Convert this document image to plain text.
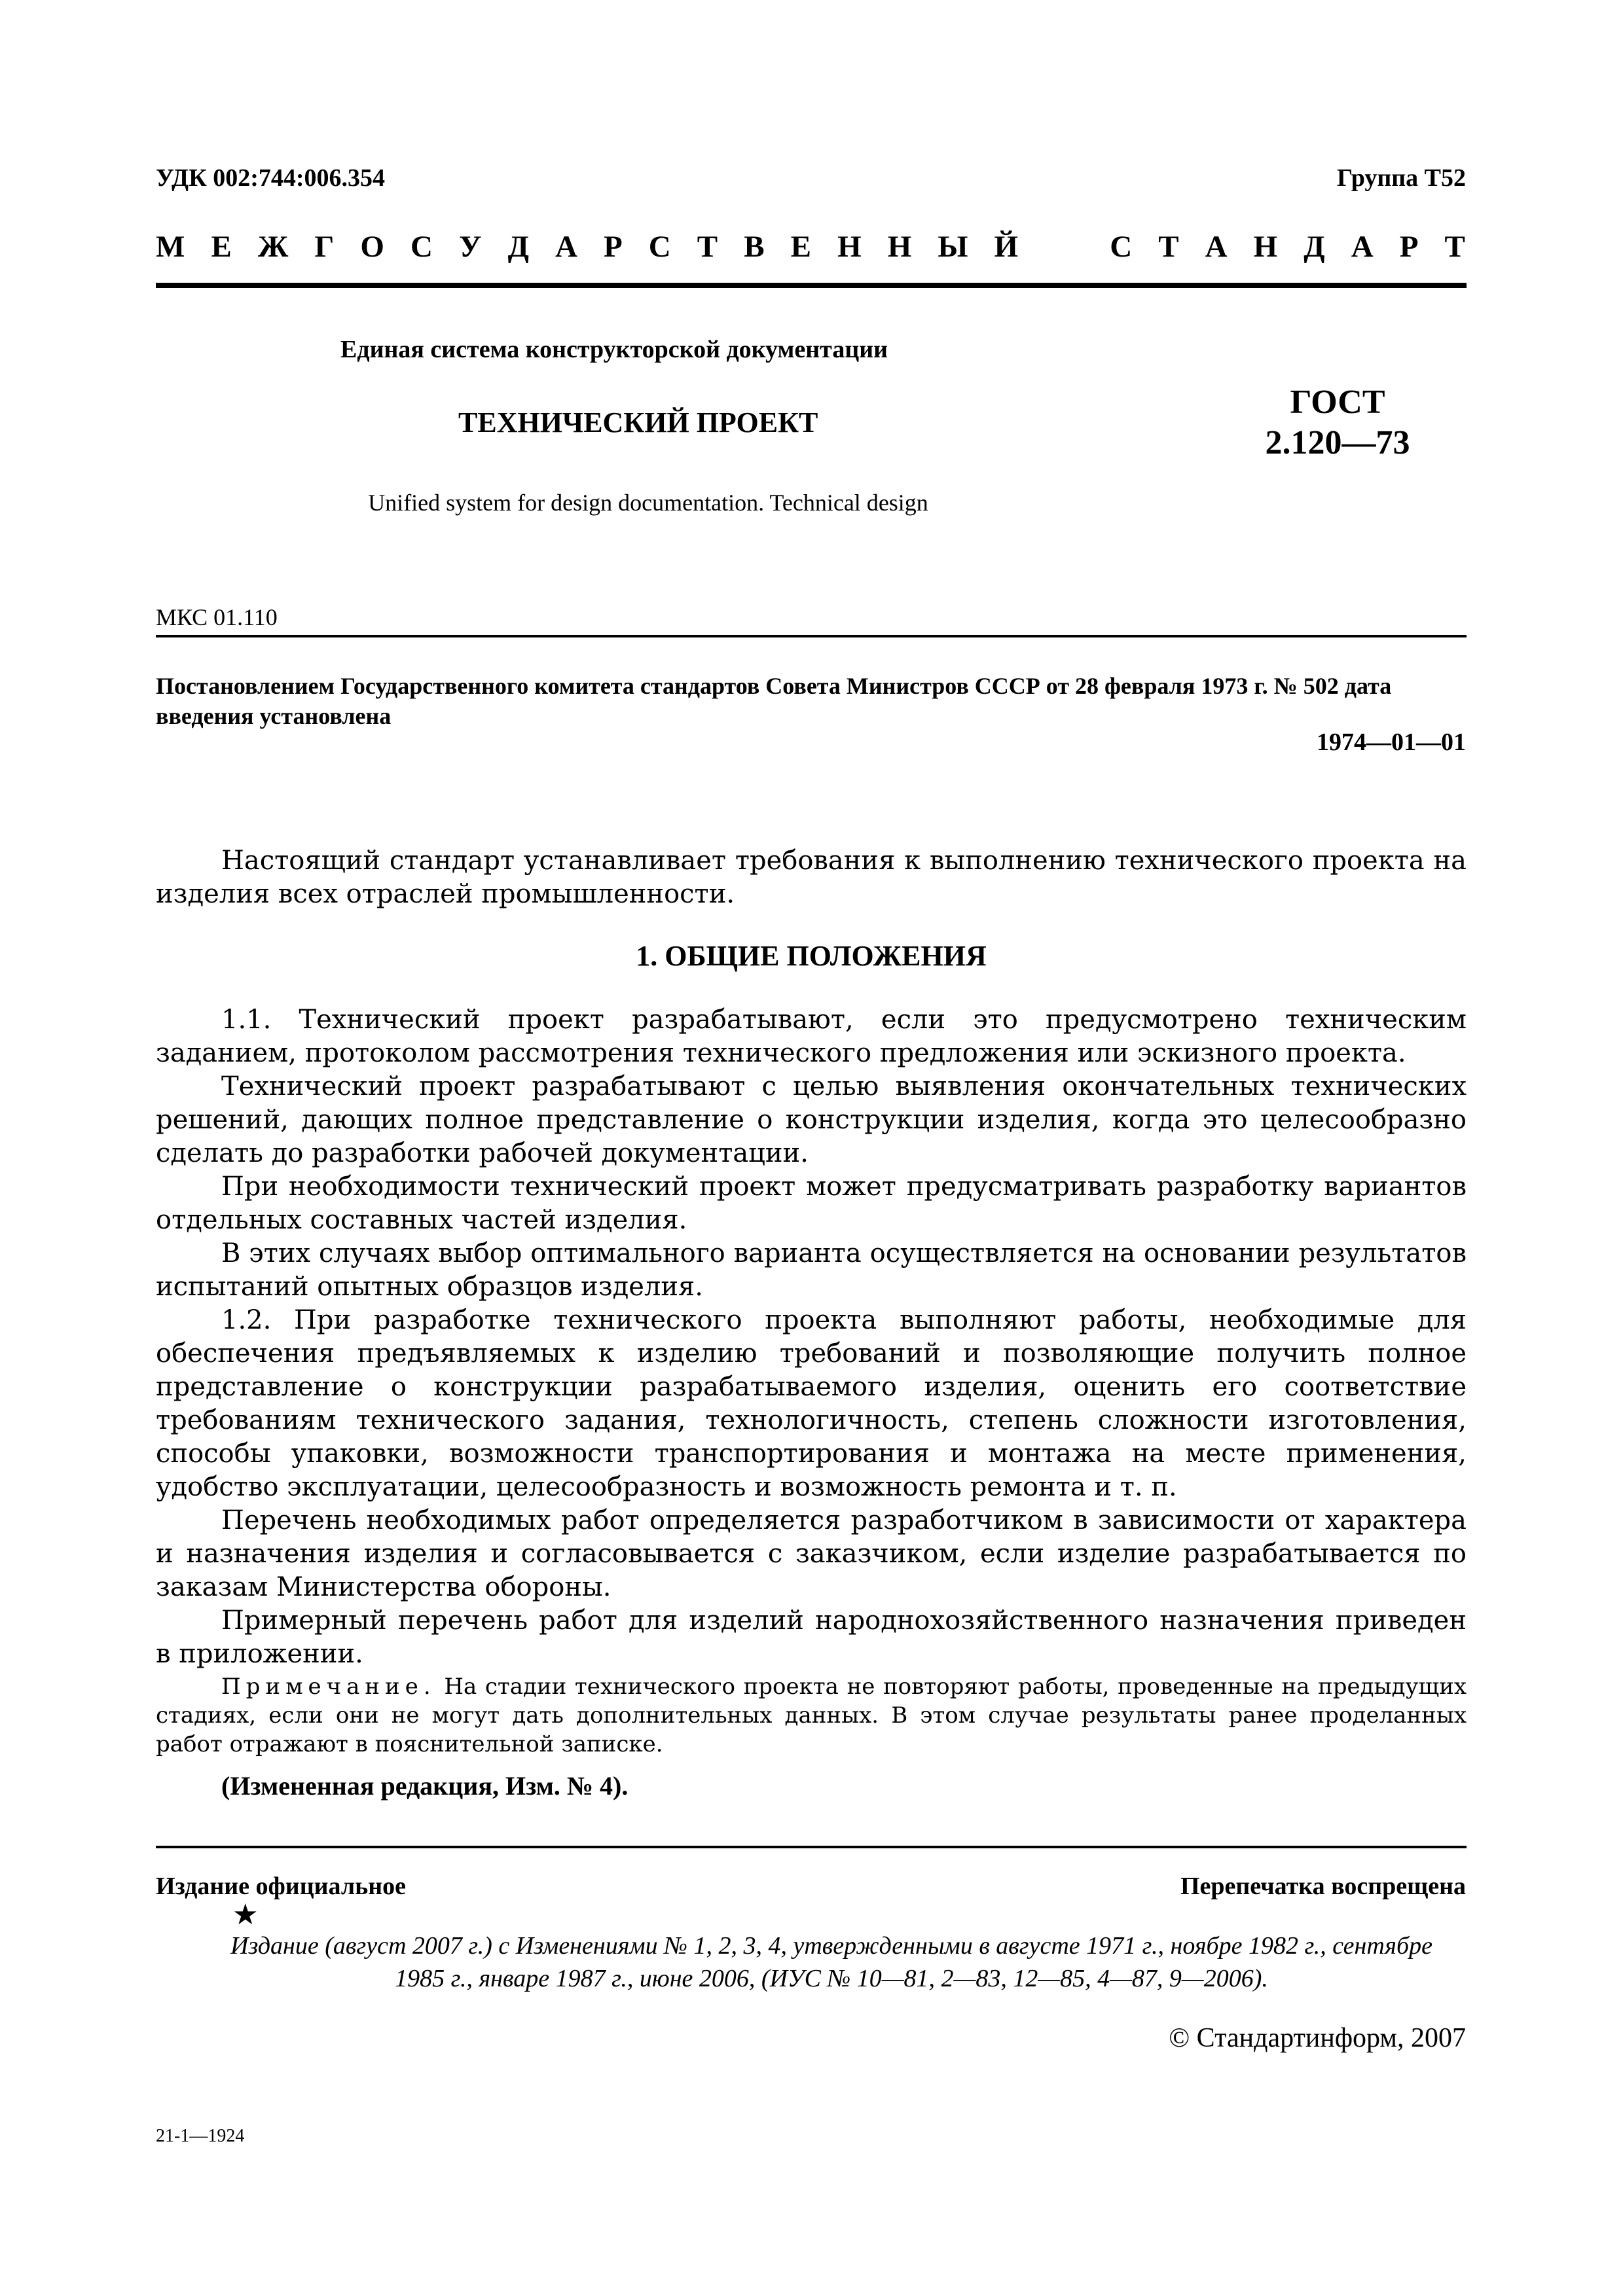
УДК 002:744:006.354	Группа Т52
М Е Ж Г О С У Д А Р С Т В Е Н Н Ы Й	С Т А Н Д А Р Т
Единая система конструкторской документации
ТЕХНИЧЕСКИЙ ПРОЕКТ
ГОСТ
2.120—73
Unified system for design documentation. Technical design
МКС 01.110
Постановлением Государственного комитета стандартов Совета Министров СССР от 28 февраля 1973 г. № 502 дата введения установлена
1974—01—01

Настоящий стандарт устанавливает требования к выполнению технического проекта на изделия всех отраслей промышленности.

1. ОБЩИЕ ПОЛОЖЕНИЯ

1.1. Технический проект разрабатывают, если это предусмотрено техническим заданием, протоколом рассмотрения технического предложения или эскизного проекта.

Технический проект разрабатывают с целью выявления окончательных технических решений, дающих полное представление о конструкции изделия, когда это целесообразно сделать до разработки рабочей документации.

При необходимости технический проект может предусматривать разработку вариантов отдельных составных частей изделия.

В этих случаях выбор оптимального варианта осуществляется на основании результатов испытаний опытных образцов изделия.

1.2. При разработке технического проекта выполняют работы, необходимые для обеспечения предъявляемых к изделию требований и позволяющие получить полное представление о конструкции разрабатываемого изделия, оценить его соответствие требованиям технического задания, технологичность, степень сложности изготовления, способы упаковки, возможности транспортирования и монтажа на месте применения, удобство эксплуатации, целесообразность и возможность ремонта и т. п.

Перечень необходимых работ определяется разработчиком в зависимости от характера и назначения изделия и согласовывается с заказчиком, если изделие разрабатывается по заказам Министерства обороны.

Примерный перечень работ для изделий народнохозяйственного назначения приведен в приложении.

Примечание. На стадии технического проекта не повторяют работы, проведенные на предыдущих стадиях, если они не могут дать дополнительных данных. В этом случае результаты ранее проделанных работ отражают в пояснительной записке.

(Измененная редакция, Изм. № 4).
Издание официальное	Перепечатка воспрещена
★
Издание (август 2007 г.) с Изменениями № 1, 2, 3, 4, утвержденными в августе 1971 г., ноябре 1982 г., сентябре 1985 г., январе 1987 г., июне 2006, (ИУС № 10—81, 2—83, 12—85, 4—87, 9—2006).
© Стандартинформ, 2007
21-1—1924
